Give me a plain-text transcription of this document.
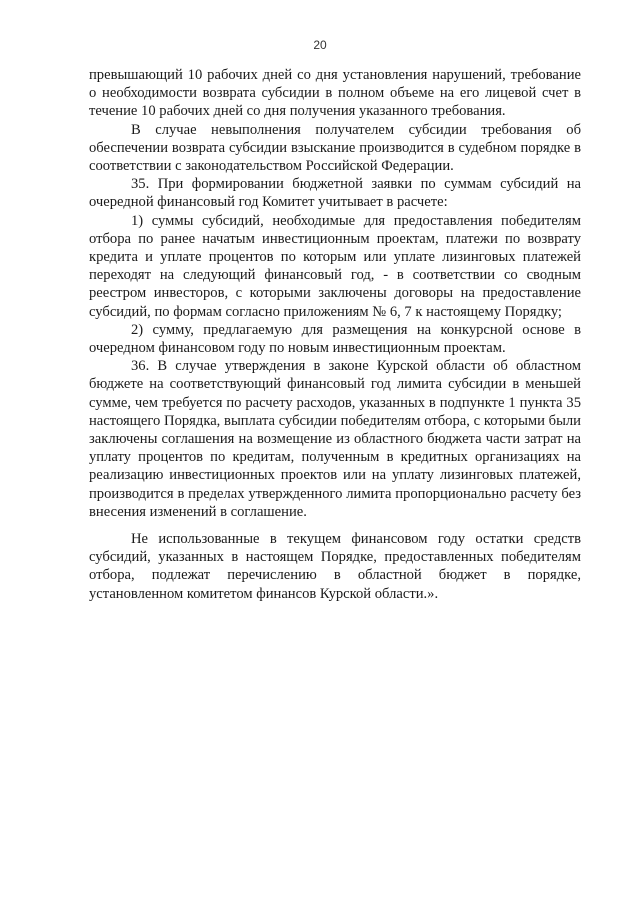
20

превышающий 10 рабочих дней со дня установления нарушений, требование о необходимости возврата субсидии в полном объеме на его лицевой счет в течение 10 рабочих дней со дня получения указанного требования.

В случае невыполнения получателем субсидии требования об обеспечении возврата субсидии взыскание производится в судебном порядке в соответствии с законодательством Российской Федерации.

35. При формировании бюджетной заявки по суммам субсидий на очередной финансовый год Комитет учитывает в расчете:

1) суммы субсидий, необходимые для предоставления победителям отбора по ранее начатым инвестиционным проектам, платежи по возврату кредита и уплате процентов по которым или уплате лизинговых платежей переходят на следующий финансовый год, - в соответствии со сводным реестром инвесторов, с которыми заключены договоры на предоставление субсидий, по формам согласно приложениям № 6, 7 к настоящему Порядку;

2) сумму, предлагаемую для размещения на конкурсной основе в очередном финансовом году по новым инвестиционным проектам.

36. В случае утверждения в законе Курской области об областном бюджете на соответствующий финансовый год лимита субсидии в меньшей сумме, чем требуется по расчету расходов, указанных в подпункте 1 пункта 35 настоящего Порядка, выплата субсидии победителям отбора, с которыми были заключены соглашения на возмещение из областного бюджета части затрат на уплату процентов по кредитам, полученным в кредитных организациях на реализацию инвестиционных проектов или на уплату лизинговых платежей, производится в пределах утвержденного лимита пропорционально расчету без внесения изменений в соглашение.

Не использованные в текущем финансовом году остатки средств субсидий, указанных в настоящем Порядке, предоставленных победителям отбора, подлежат перечислению в областной бюджет в порядке, установленном комитетом финансов Курской области.».
